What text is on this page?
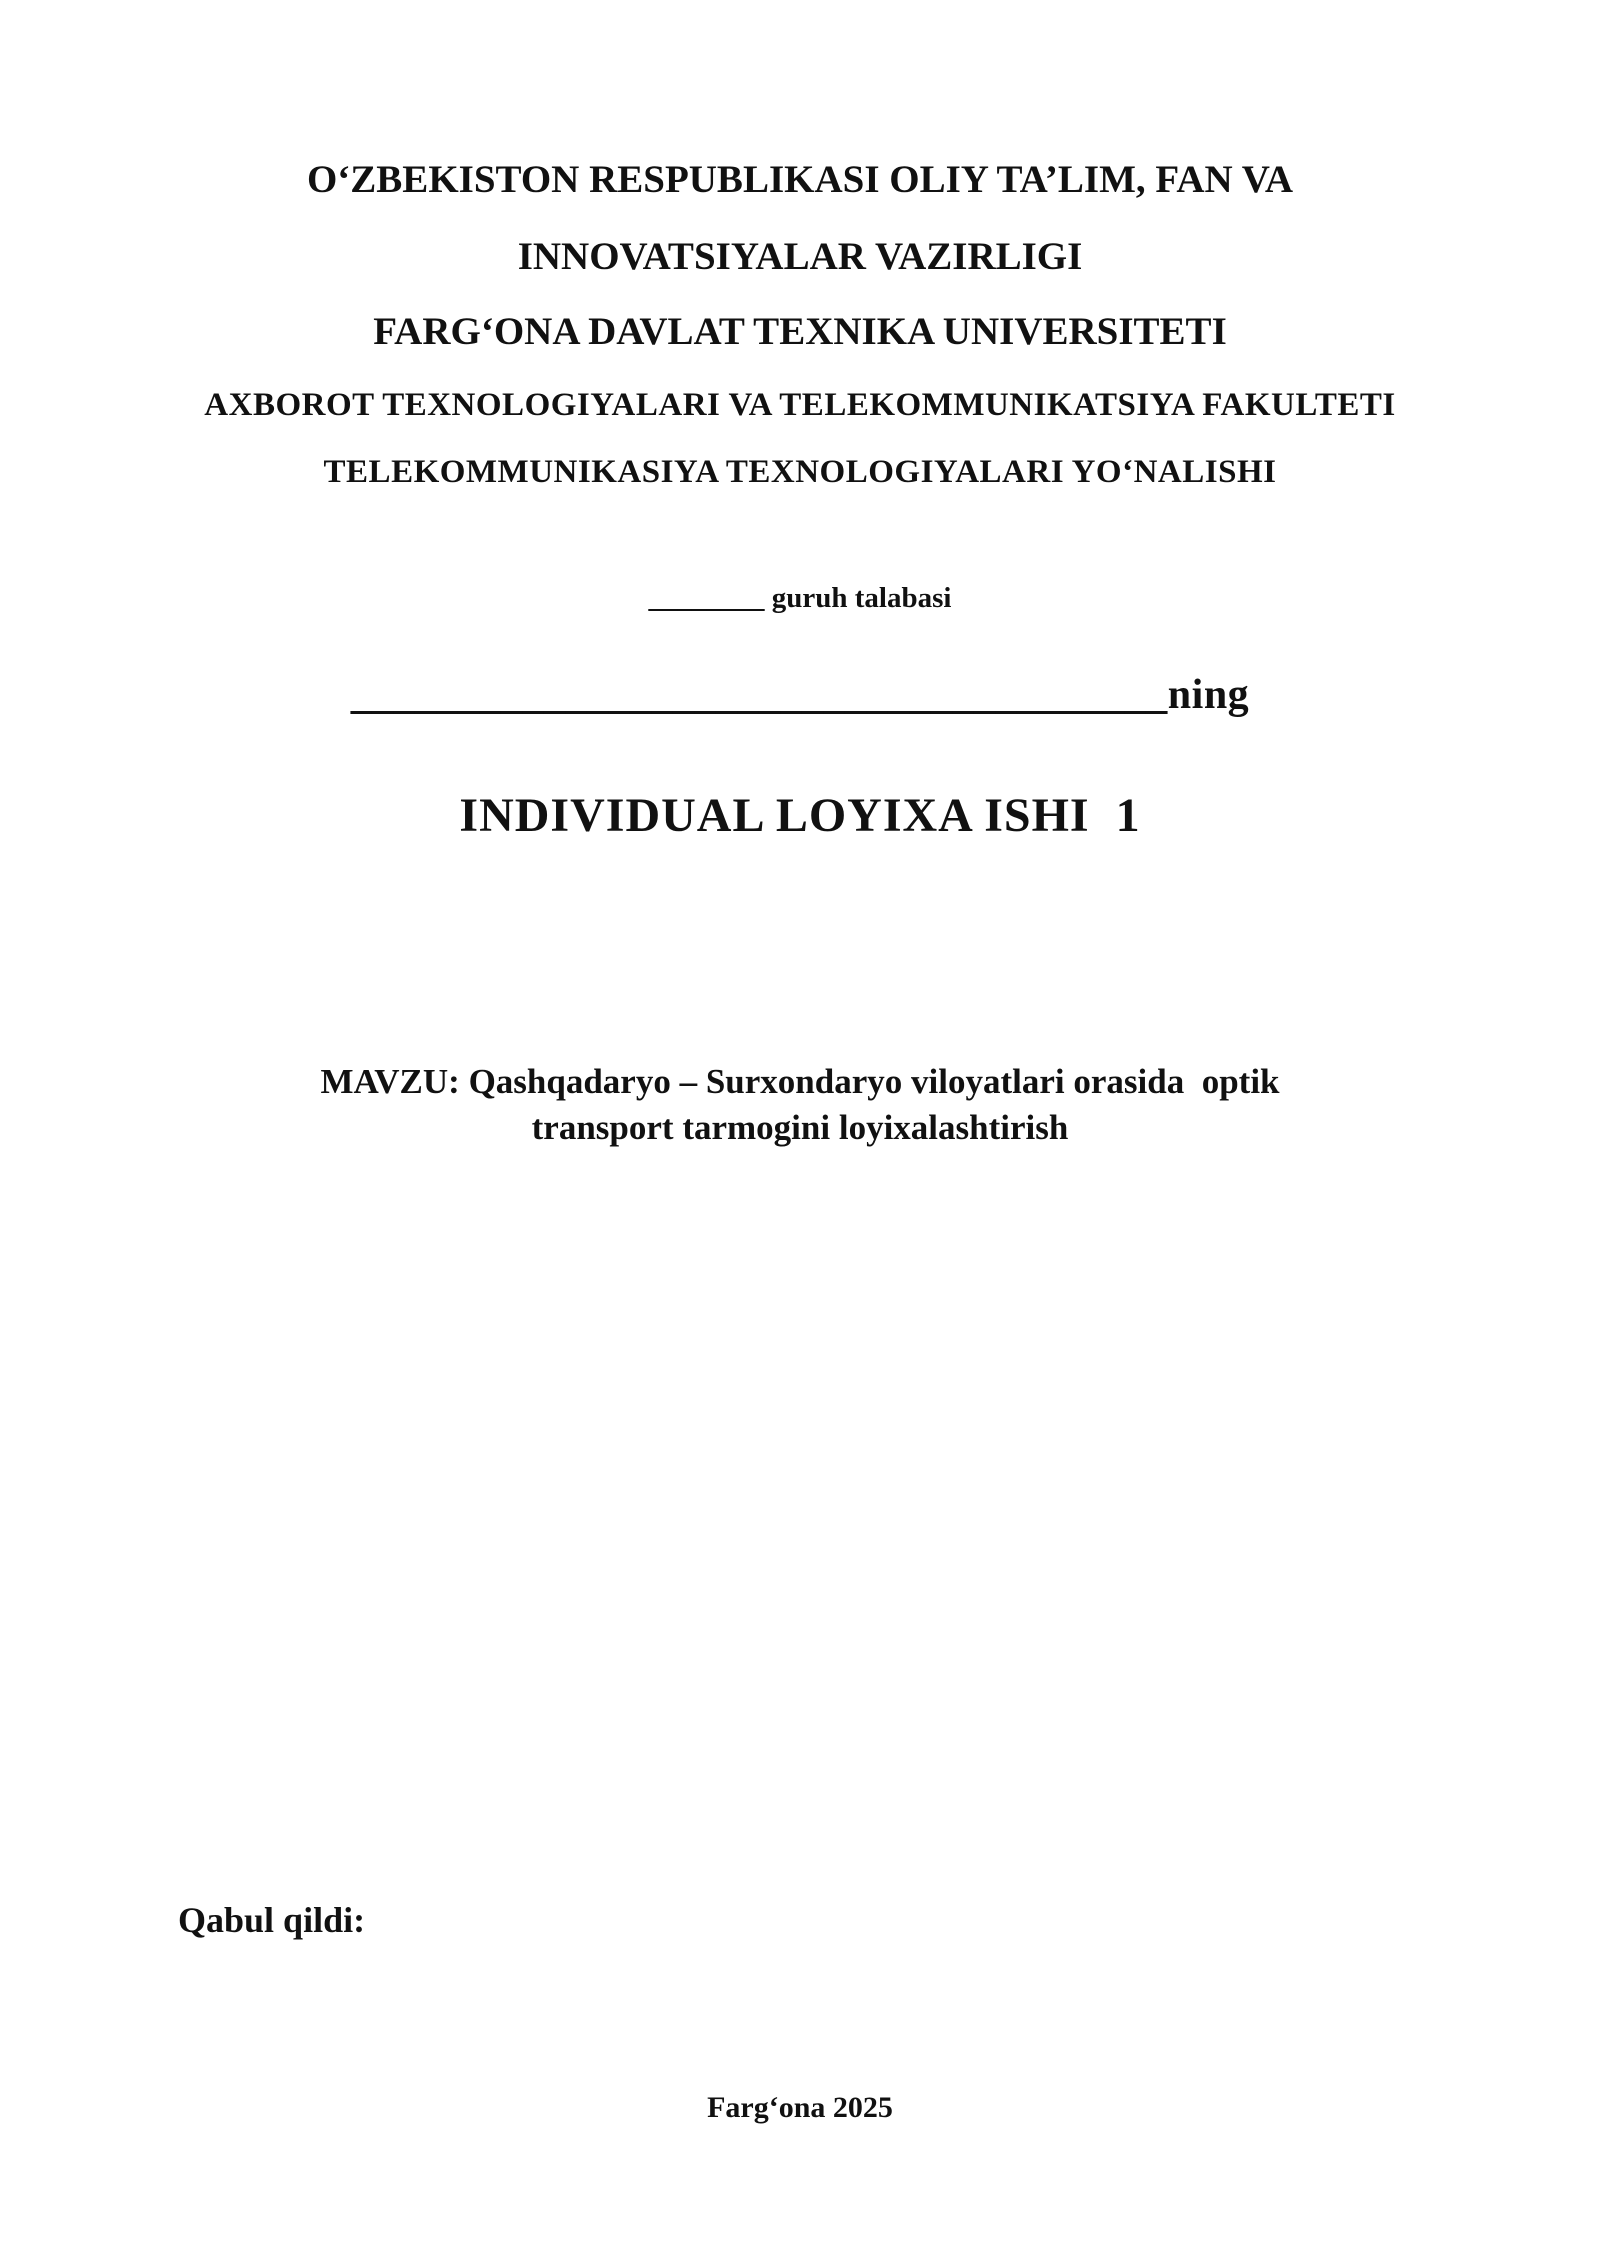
O‘ZBEKISTON RESPUBLIKASI OLIY TA’LIM, FAN VA

INNOVATSIYALAR VAZIRLIGI

FARG‘ONA DAVLAT TEXNIKA UNIVERSITETI

AXBOROT TEXNOLOGIYALARI VA TELEKOMMUNIKATSIYA FAKULTETI

TELEKOMMUNIKASIYA TEXNOLOGIYALARI YO‘NALISHI

________ guruh talabasi

______________________________________ning

INDIVIDUAL LOYIXA ISHI  1

MAVZU: Qashqadaryo – Surxondaryo viloyatlari orasida  optik

transport tarmogini loyixalashtirish

Qabul qildi:

Farg‘ona 2025
